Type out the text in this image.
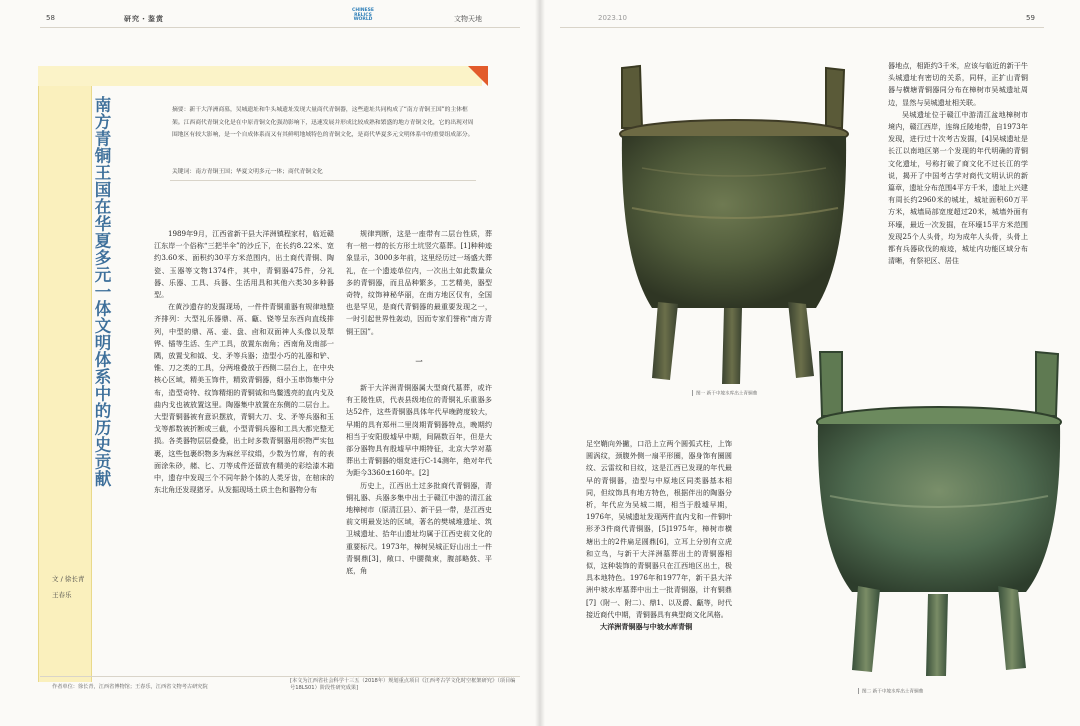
58	研究・鉴赏
CHINESE
RELICS
WORLD	文物天地
南方青铜王国在华夏多元一体文明体系中的历史贡献
文 / 徐长青
王春乐
摘要：新干大洋洲商墓，吴城遗址和牛头城遗址发现大量商代青铜器，这些遗址共同构成了“南方青铜王国”的主体框架。江西商代青铜文化是在中原青铜文化强劲影响下，迅速发展并形成比较成熟和繁盛的地方青铜文化，它的出现对周围地区有较大影响，是一个自成体系而又有其鲜明地域特色的青铜文化，是商代华夏多元文明体系中的重要组成部分。
关键词：南方青铜王国；华夏文明多元一体；商代青铜文化

1989年9月，江西省新干县大洋洲镇程家村，临近赣江东岸一个俗称“三把半伞”的沙丘下，在长约8.22米、宽约3.60米、面积约30平方米范围内，出土商代青铜、陶瓷、玉器等文物1374件，其中，青铜器475件，分礼器、乐器、工具、兵器、生活用具和其他六类30多种器型。

在黄沙遗存的发掘现场，一件件青铜重器有规律地整齐排列：大型礼乐器鼎、鬲、甗、铙等呈东西向直线排列，中型的鼎、鬲、壶、盘、卣和双面神人头像以及犁铧、锸等生活、生产工具，放置东南角；西南角及南部一隅，放置戈和钺、戈、矛等兵器；造型小巧的礼器和铲、锥、刀之类的工具，分两堆叠放于西侧二层台上，在中央核心区域，精美玉饰件，精致青铜器，细小玉串饰集中分布，造型奇特、纹饰精细的青铜钺和鸟鳖透亮的直内戈及曲内戈也被放置这里。陶器集中放置在东侧的二层台上。大型青铜器被有意识摆放，青铜大刀、戈、矛等兵器和玉戈等都数被折断或三截，小型青铜兵器和工具大都完整无损。各类器物层层叠叠，出土时多数青铜器用织物严实包裹，这些包裹织物多为麻丝平纹绢，少数为竹席，有的表面涂朱砂，赭、匕、刀等成件还留放有精美的彩绘漆木箱中，遗存中发现三个不同年龄个体的人类牙齿，在棺床的东北角还发现猪牙。从发掘现场土质土色和器物分布

规律判断，这是一座带有二层台性质，葬有一棺一椁的长方形土坑竖穴墓葬。[1]种种迹象显示，3000多年前，这里经历过一场盛大葬礼，在一个遗迹单位内，一次出土如此数量众多的青铜器，而且品种繁多，工艺精美，器型奇特，纹饰神秘华丽，在南方地区仅有，全国也是罕见，是商代青铜器的最重要发现之一，一时引起世界性轰动，因而专家们誉称“南方青铜王国”。

一

新干大洋洲青铜器属大型商代墓葬，或许有王陵性质，代表县级地位的青铜礼乐重器多达52件，这些青铜器具体年代早晚跨度较大，早期的具有郑州二里岗期青铜器特点，晚期约相当于安阳殷墟早中期，间隔数百年，但是大部分器物具有殷墟早中期特征，北京大学对墓葬出土青铜器的烟炱进行C-14测年，绝对年代为距今3360±160年。[2]

历史上，江西出土过多批商代青铜器，青铜礼器、兵器多集中出土于赣江中游的清江盆地樟树市（原清江县）、新干县一带，是江西史前文明最发达的区域，著名的樊城堆遗址、筑卫城遗址、拾年山遗址均属于江西史前文化的重要标尺。1973年，樟树吴城正好山出土一件青铜鼎[3]，敞口、中腰微束，腹部略鼓、平底，角

作者单位：徐长青，江西省博物馆；王春乐，江西省文物考古研究院
[本文为江西省社会科学十三五（2018年）规划重点项目《江西考古学文化时空框架研究》（项目编号18LS01）阶段性研究成果]
2023.10	59
图一 新干中坡水库出土青铜鼎
图二 新干中坡水库出土青铜鼎

器地点，相距约3千米，应该与临近的新干牛头城遗址有密切的关系，同样，正扩山青铜器与横塘青铜器同分布在樟树市吴城遗址周边，显然与吴城遗址相关联。

吴城遗址位于赣江中游清江盆地樟树市境内，赣江西岸，连绵丘陵地带，自1973年发现，进行过十次考古发掘，[4]吴城遗址是长江以南地区第一个发现的年代明确的青铜文化遗址，号称打破了商文化不过长江的学说，揭开了中国考古学对商代文明认识的新篇章，遗址分布范围4平方千米，遗址上兴建有周长约2960米的城址，城址面积60万平方米，城墙局部宽度超过20米，城墙外面有环壕，最近一次发掘，在环壕15平方米范围发现25个人头骨，均为成年人头骨，头骨上都有兵器砍伐的痕迹，城址内功能区域分布清晰，有祭祀区、居住

足空鞘向外撇，口沿上立两个圆弧式柱，上饰圆涡纹，颈腹外侧一扇平形圈，器身饰有圈圆纹、云雷纹和目纹，这是江西已发现的年代最早的青铜器，造型与中原地区同类器基本相同，但纹饰具有地方特色，根据伴出的陶器分析，年代应为吴城二期，相当于殷墟早期，1976年，吴城遗址发现两件直内戈和一件铜叶形矛3件商代青铜器，[5]1975年，樟树市横塘出土的2件扁足圆鼎[6]，立耳上分别有立虎和立鸟，与新干大洋洲墓葬出土的青铜器相似，这种装饰的青铜器只在江西地区出土，极具本地特色。1976年和1977年，新干县大洋洲中坡水库墓葬中出土一批青铜器，计有铜鼎[7]（附一、附二）、鼎1、以及爵、甗等，时代接近商代中期，青铜器具有典型商文化风格。

大洋洲青铜器与中坡水库青铜
